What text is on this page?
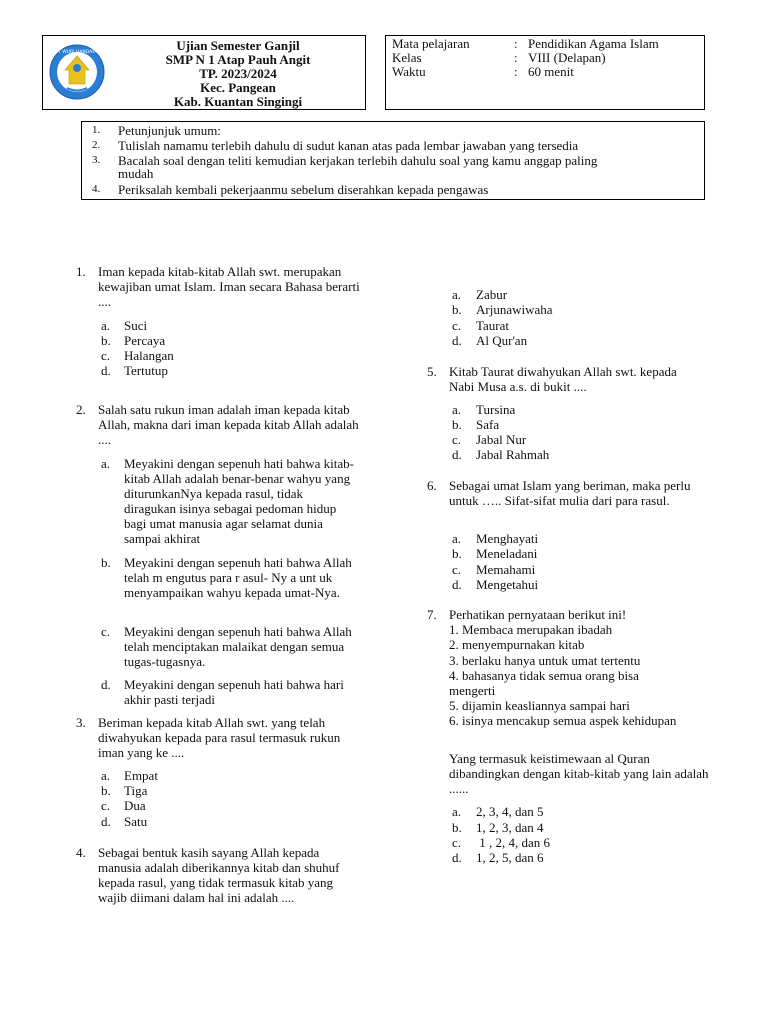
TUT WURI HANDAYANI	Ujian Semester Ganjil
SMP N 1 Atap Pauh Angit
TP. 2023/2024
Kec. Pangean
Kab. Kuantan Singingi
Mata pelajaran	: Pendidikan Agama Islam
Kelas	: VIII (Delapan)
Waktu	: 60 menit
1. Petunjunjuk umum:
2. Tulislah namamu terlebih dahulu di sudut kanan atas pada lembar jawaban yang tersedia
3. Bacalah soal dengan teliti kemudian kerjakan terlebih dahulu soal yang kamu anggap paling mudah
4. Periksalah kembali pekerjaanmu sebelum diserahkan kepada pengawas
1. Iman kepada kitab-kitab Allah swt. merupakan kewajiban umat Islam. Iman secara Bahasa berarti ....
a. Suci
b. Percaya
c. Halangan
d. Tertutup
2. Salah satu rukun iman adalah iman kepada kitab Allah, makna dari iman kepada kitab Allah adalah ....
a. Meyakini dengan sepenuh hati bahwa kitab- kitab Allah adalah benar-benar wahyu yang diturunkanNya kepada rasul, tidak diragukan isinya sebagai pedoman hidup bagi umat manusia agar selamat dunia sampai akhirat
b. Meyakini dengan sepenuh hati bahwa Allah telah m engutus para r asul- Ny a unt uk menyampaikan wahyu kepada umat-Nya.
c. Meyakini dengan sepenuh hati bahwa Allah telah menciptakan malaikat dengan semua tugas-tugasnya.
d. Meyakini dengan sepenuh hati bahwa hari akhir pasti terjadi
3. Beriman kepada kitab Allah swt. yang telah diwahyukan kepada para rasul termasuk rukun iman yang ke ....
a. Empat
b. Tiga
c. Dua
d. Satu
4. Sebagai bentuk kasih sayang Allah kepada manusia adalah diberikannya kitab dan shuhuf kepada rasul, yang tidak termasuk kitab yang wajib diimani dalam hal ini adalah ....
a. Zabur
b. Arjunawiwaha
c. Taurat
d. Al Qur'an
5. Kitab Taurat diwahyukan Allah swt. kepada Nabi Musa a.s. di bukit ....
a. Tursina
b. Safa
c. Jabal Nur
d. Jabal Rahmah
6. Sebagai umat Islam yang beriman, maka perlu untuk ….. Sifat-sifat mulia dari para rasul.
a. Menghayati
b. Meneladani
c. Memahami
d. Mengetahui
7. Perhatikan pernyataan berikut ini!
1. Membaca merupakan ibadah
2. menyempurnakan kitab
3. berlaku hanya untuk umat tertentu
4. bahasanya tidak semua orang bisa mengerti
5. dijamin keasliannya sampai hari
6. isinya mencakup semua aspek kehidupan
Yang termasuk keistimewaan al Quran dibandingkan dengan kitab-kitab yang lain adalah ......
a. 2, 3, 4, dan 5
b. 1, 2, 3, dan 4
c. 1 , 2, 4, dan 6
d. 1, 2, 5, dan 6
